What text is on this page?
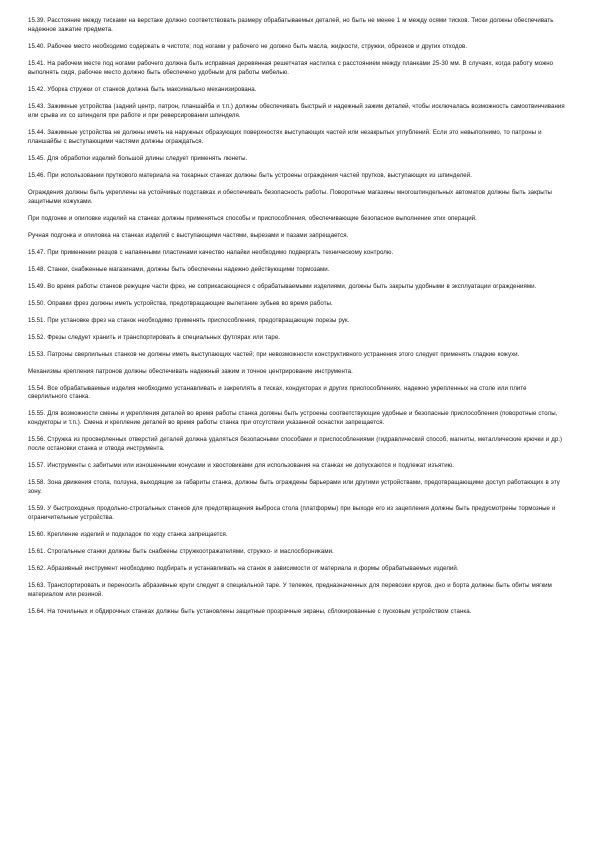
15.39. Расстояние между тисками на верстаке должно соответствовать размеру обрабатываемых деталей, но быть не менее 1 м между осями тисков. Тиски должны обеспечивать надежное зажатие предмета.

15.40. Рабочее место необходимо содержать в чистоте; под ногами у рабочего не должно быть масла, жидкости, стружки, обрезков и других отходов.

15.41. На рабочем месте под ногами рабочего должна быть исправная деревянная решетчатая настилка с расстоянием между планками 25-30 мм. В случаях, когда работу можно выполнять сидя, рабочее место должно быть обеспечено удобным для работы мебелью.

15.42. Уборка стружки от станков должна быть максимально механизирована.

15.43. Зажимные устройства (задний центр, патрон, планшайба и т.п.) должны обеспечивать быстрый и надежный зажим деталей, чтобы исключалась возможность самоотвинчивания или срыва их со шпинделя при работе и при реверсировании шпинделя.

15.44. Зажимные устройства не должны иметь на наружных образующих поверхностях выступающих частей или незакрытых углублений. Если это невыполнимо, то патроны и планшайбы с выступающими частями должны ограждаться.

15.45. Для обработки изделий большой длины следует применять люнеты.

15.46. При использовании пруткового материала на токарных станках должны быть устроены ограждения частей прутков, выступающих из шпинделей.

Ограждения должны быть укреплены на устойчивых подставках и обеспечивать безопасность работы. Поворотные магазины многошпиндельных автоматов должны быть закрыты защитными кожухами.

При подгонке и опиловке изделий на станках должны применяться способы и приспособления, обеспечивающие безопасное выполнение этих операций.

Ручная подгонка и опиловка на станках изделий с выступающими частями, вырезами и пазами запрещается.

15.47. При применении резцов с напаянными пластинами качество напайки необходимо подвергать техническому контролю.

15.48. Станки, снабженные магазинами, должны быть обеспечены надежно действующими тормозами.

15.49. Во время работы станков режущие части фрез, не соприкасающиеся с обрабатываемыми изделиями, должны быть закрыты удобными в эксплуатации ограждениями.

15.50. Оправки фрез должны иметь устройства, предотвращающие вылетание зубьев во время работы.

15.51. При установке фрез на станок необходимо применять приспособления, предотвращающие порезы рук.

15.52. Фрезы следует хранить и транспортировать в специальных футлярах или таре.

15.53. Патроны сверлильных станков не должны иметь выступающих частей; при невозможности конструктивного устранения этого следует применять гладкие кожухи.

Механизмы крепления патронов должны обеспечивать надежный зажим и точное центрирование инструмента.

15.54. Все обрабатываемые изделия необходимо устанавливать и закреплять в тисках, кондукторах и других приспособлениях, надежно укрепленных на столе или плите сверлильного станка.

15.55. Для возможности смены и укрепления деталей во время работы станка должны быть устроены соответствующие удобные и безопасные приспособления (поворотные столы, кондукторы и т.п.). Смена и крепление деталей во время работы станка при отсутствии указанной оснастки запрещается.

15.56. Стружка из просверленных отверстий деталей должна удаляться безопасными способами и приспособлениями (гидравлический способ, магниты, металлические крючки и др.) после остановки станка и отвода инструмента.

15.57. Инструменты с забитыми или изношенными конусами и хвостовиками для использования на станках не допускаются и подлежат изъятию.

15.58. Зона движения стола, ползуна, выходящие за габариты станка, должны быть ограждены барьерами или другими устройствами, предотвращающими доступ работающих в эту зону.

15.59. У быстроходных продольно-строгальных станков для предотвращения выброса стола (платформы) при выходе его из зацепления должны быть предусмотрены тормозные и ограничительные устройства.

15.60. Крепление изделий и подкладок по ходу станка запрещается.

15.61. Строгальные станки должны быть снабжены стружкоотражателями, стружко- и маслосборниками.

15.62. Абразивный инструмент необходимо подбирать и устанавливать на станок в зависимости от материала и формы обрабатываемых изделий.

15.63. Транспортировать и переносить абразивные круги следует в специальной таре. У тележек, предназначенных для перевозки кругов, дно и борта должны быть обиты мягким материалом или резиной.

15.64. На точильных и обдирочных станках должны быть установлены защитные прозрачные экраны, сблокированные с пусковым устройством станка.
